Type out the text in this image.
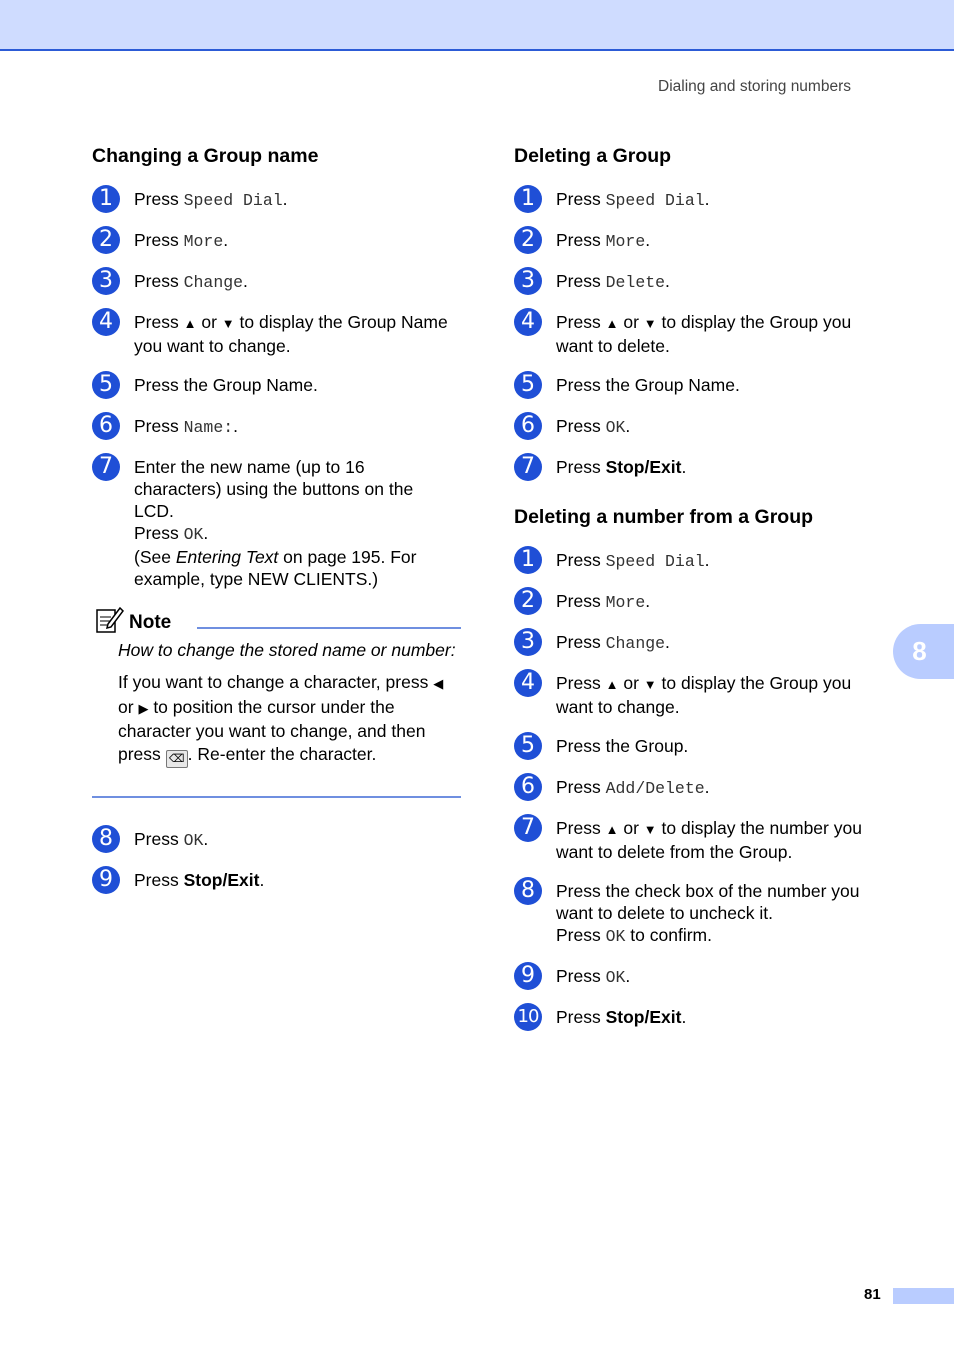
Dialing and storing numbers
Changing a Group name
1	Press Speed Dial.
2	Press More.
3	Press Change.
4	Press ▲ or ▼ to display the Group Name you want to change.
5	Press the Group Name.
6	Press Name:.
7	Enter the new name (up to 16 characters) using the buttons on the LCD.
Press OK.
(See Entering Text on page 195. For example, type NEW CLIENTS.)
8	Press OK.
9	Press Stop/Exit.
Note
How to change the stored name or number:
If you want to change a character, press ◀ or ▶ to position the cursor under the character you want to change, and then press ⌫ . Re-enter the character.
Deleting a Group
1	Press Speed Dial.
2	Press More.
3	Press Delete.
4	Press ▲ or ▼ to display the Group you want to delete.
5	Press the Group Name.
6	Press OK.
7	Press Stop/Exit.
Deleting a number from a Group
1	Press Speed Dial.
2	Press More.
3	Press Change.
4	Press ▲ or ▼ to display the Group you want to change.
5	Press the Group.
6	Press Add/Delete.
7	Press ▲ or ▼ to display the number you want to delete from the Group.
8	Press the check box of the number you want to delete to uncheck it.
Press OK to confirm.
9	Press OK.
10 Press Stop/Exit.
8
81
